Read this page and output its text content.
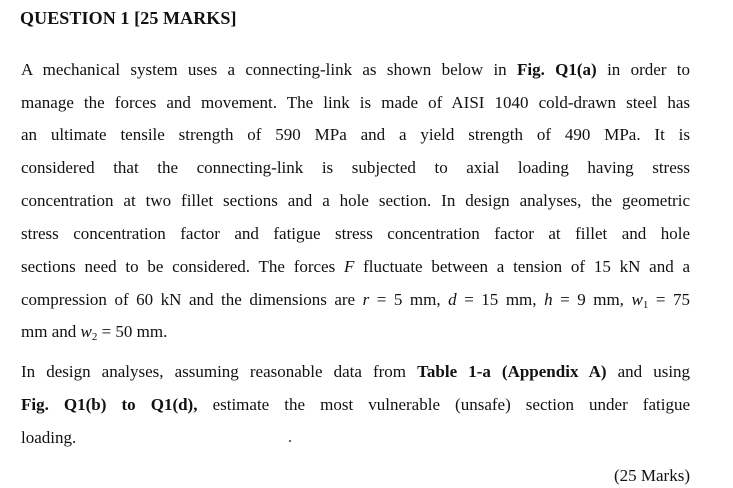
QUESTION 1 [25 MARKS]
A mechanical system uses a connecting-link as shown below in Fig. Q1(a) in order to
manage the forces and movement. The link is made of AISI 1040 cold-drawn steel has
an ultimate tensile strength of 590 MPa and a yield strength of 490 MPa. It is
considered that the connecting-link is subjected to axial loading having stress
concentration at two fillet sections and a hole section. In design analyses, the geometric
stress concentration factor and fatigue stress concentration factor at fillet and hole
sections need to be considered. The forces F fluctuate between a tension of 15 kN and a
compression of 60 kN and the dimensions are r = 5 mm, d = 15 mm, h = 9 mm, $w_1 = 75$
mm and $w_2 = 50$ mm.
In design analyses, assuming reasonable data from Table 1-a (Appendix A) and using
Fig. Q1(b) to Q1(d), estimate the most vulnerable (unsafe) section under fatigue
loading.
(25 Marks)
